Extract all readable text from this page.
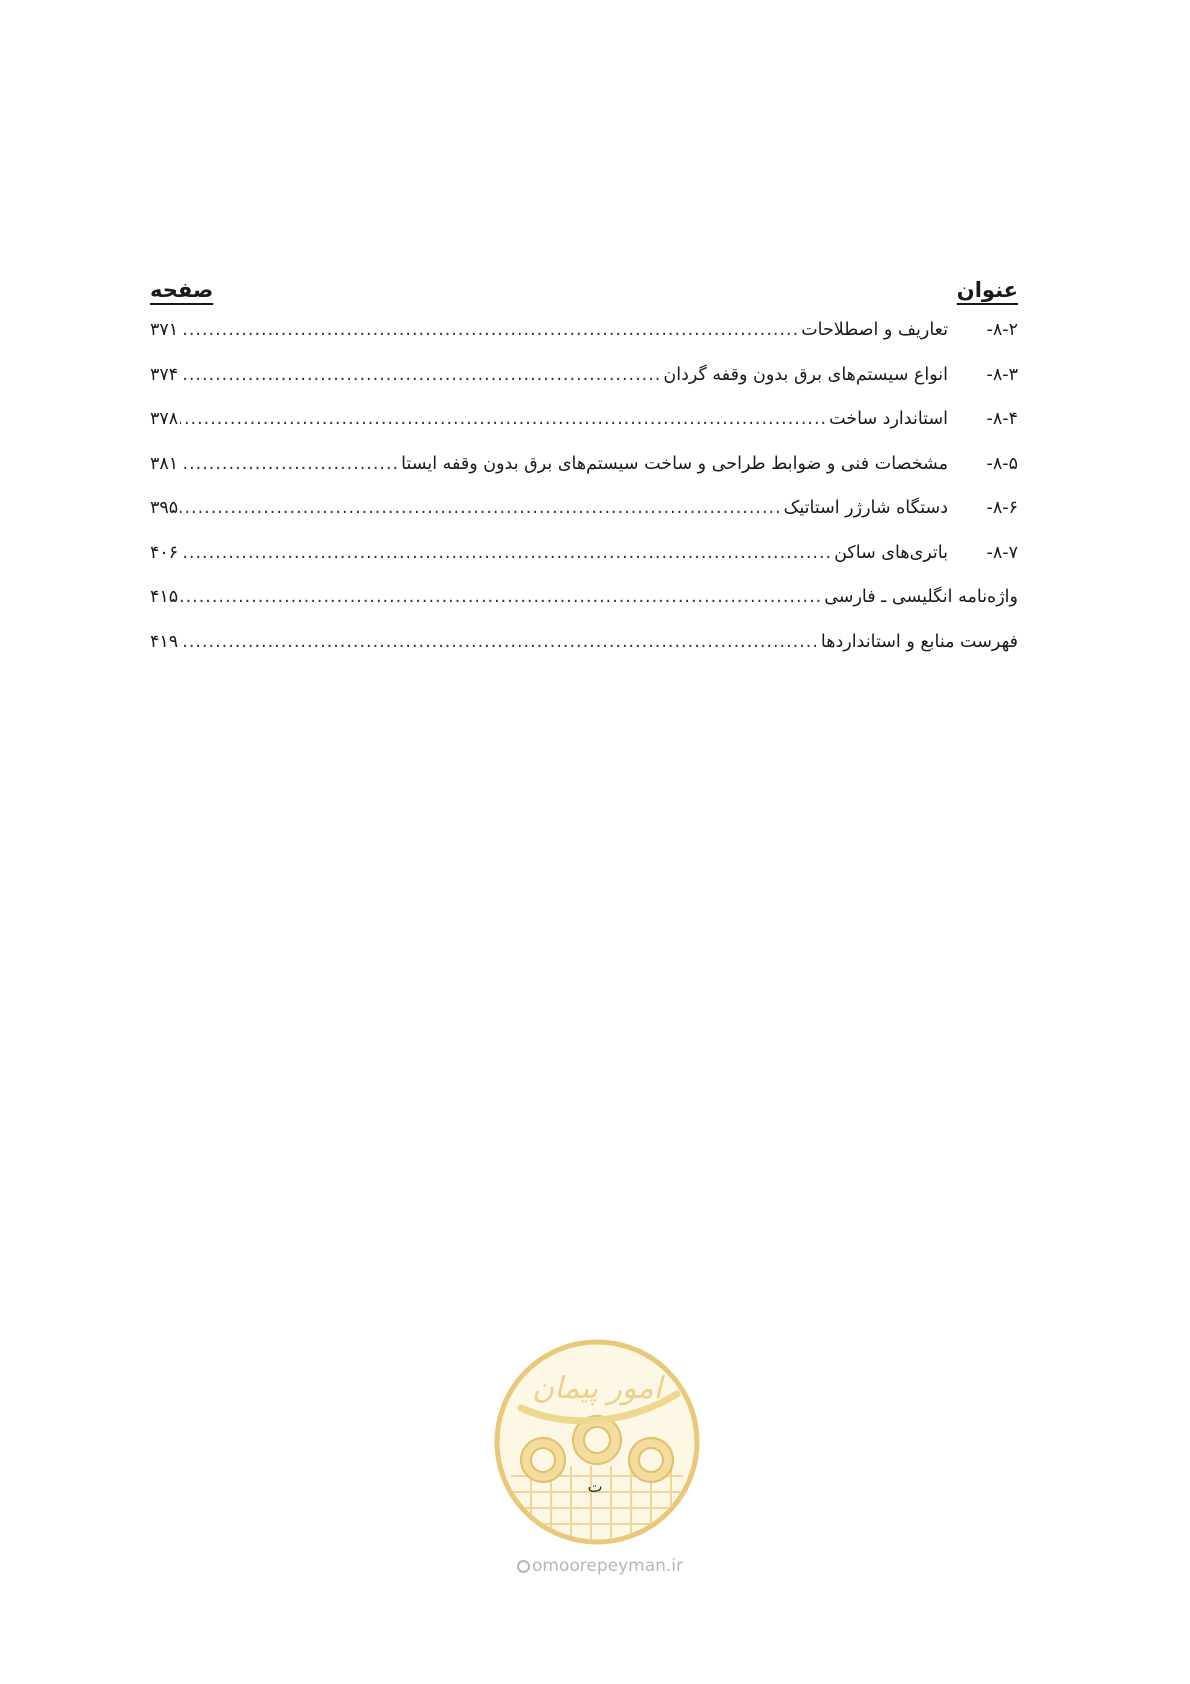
عنوان
صفحه
۸-۲-
تعاریف و اصطلاحات
.....
۳۷۱
۸-۳-
انواع سیستم‌های برق بدون وقفه گردان
.....
۳۷۴
۸-۴-
استاندارد ساخت
.....
۳۷۸
۸-۵-
مشخصات فنی و ضوابط طراحی و ساخت سیستم‌های برق بدون وقفه ایستا
.....
۳۸۱
۸-۶-
دستگاه شارژر استاتیک
.....
۳۹۵
۸-۷-
باتری‌های ساکن
.....
۴۰۶
واژه‌نامه انگلیسی ـ فارسی
.....
۴۱۵
فهرست منابع و استانداردها
.....
۴۱۹
امور پیمان
ت
omoorepeyman.ir
